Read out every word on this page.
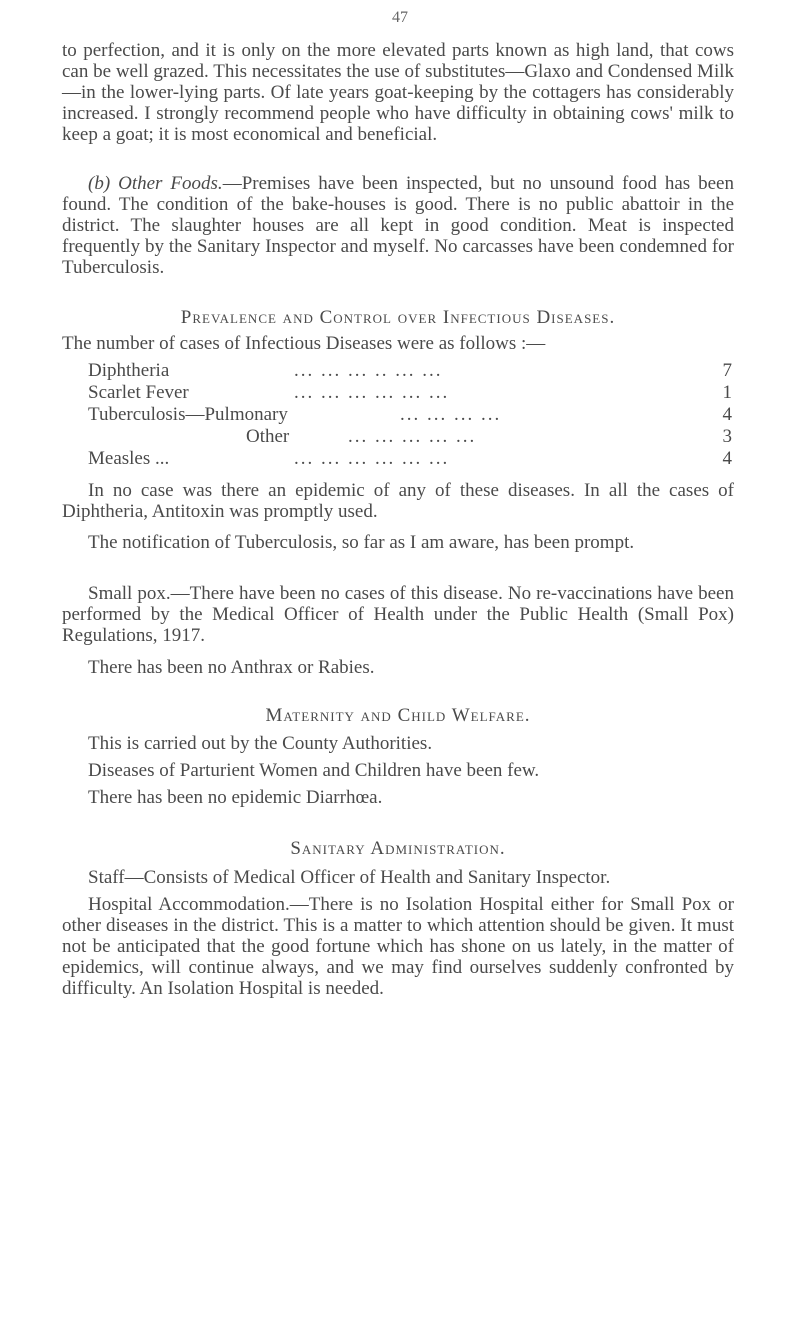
47

to perfection, and it is only on the more elevated parts known as high land, that cows can be well grazed. This necessitates the use of substitutes—Glaxo and Condensed Milk—in the lower-lying parts. Of late years goat-keeping by the cottagers has considerably increased. I strongly recommend people who have difficulty in obtaining cows' milk to keep a goat; it is most economical and beneficial.

(b) Other Foods.—Premises have been inspected, but no unsound food has been found. The condition of the bake-houses is good. There is no public abattoir in the district. The slaughter houses are all kept in good condition. Meat is inspected frequently by the Sanitary Inspector and myself. No carcasses have been condemned for Tuberculosis.

Prevalence and Control over Infectious Diseases.
The number of cases of Infectious Diseases were as follows :—
Diphtheria	... ... ... .. ... ...	7
Scarlet Fever	... ... ... ... ... ...	1
Tuberculosis—Pulmonary	... ... ... ...	4
Other	... ... ... ... ...	3
Measles ...	... ... ... ... ... ...	4

In no case was there an epidemic of any of these diseases. In all the cases of Diphtheria, Antitoxin was promptly used.

The notification of Tuberculosis, so far as I am aware, has been prompt.

Small pox.—There have been no cases of this disease. No re-vaccinations have been performed by the Medical Officer of Health under the Public Health (Small Pox) Regulations, 1917.

There has been no Anthrax or Rabies.

Maternity and Child Welfare.

This is carried out by the County Authorities.

Diseases of Parturient Women and Children have been few.

There has been no epidemic Diarrhœa.

Sanitary Administration.

Staff—Consists of Medical Officer of Health and Sanitary Inspector.

Hospital Accommodation.—There is no Isolation Hospital either for Small Pox or other diseases in the district. This is a matter to which attention should be given. It must not be anticipated that the good fortune which has shone on us lately, in the matter of epidemics, will continue always, and we may find ourselves suddenly confronted by difficulty. An Isolation Hospital is needed.
